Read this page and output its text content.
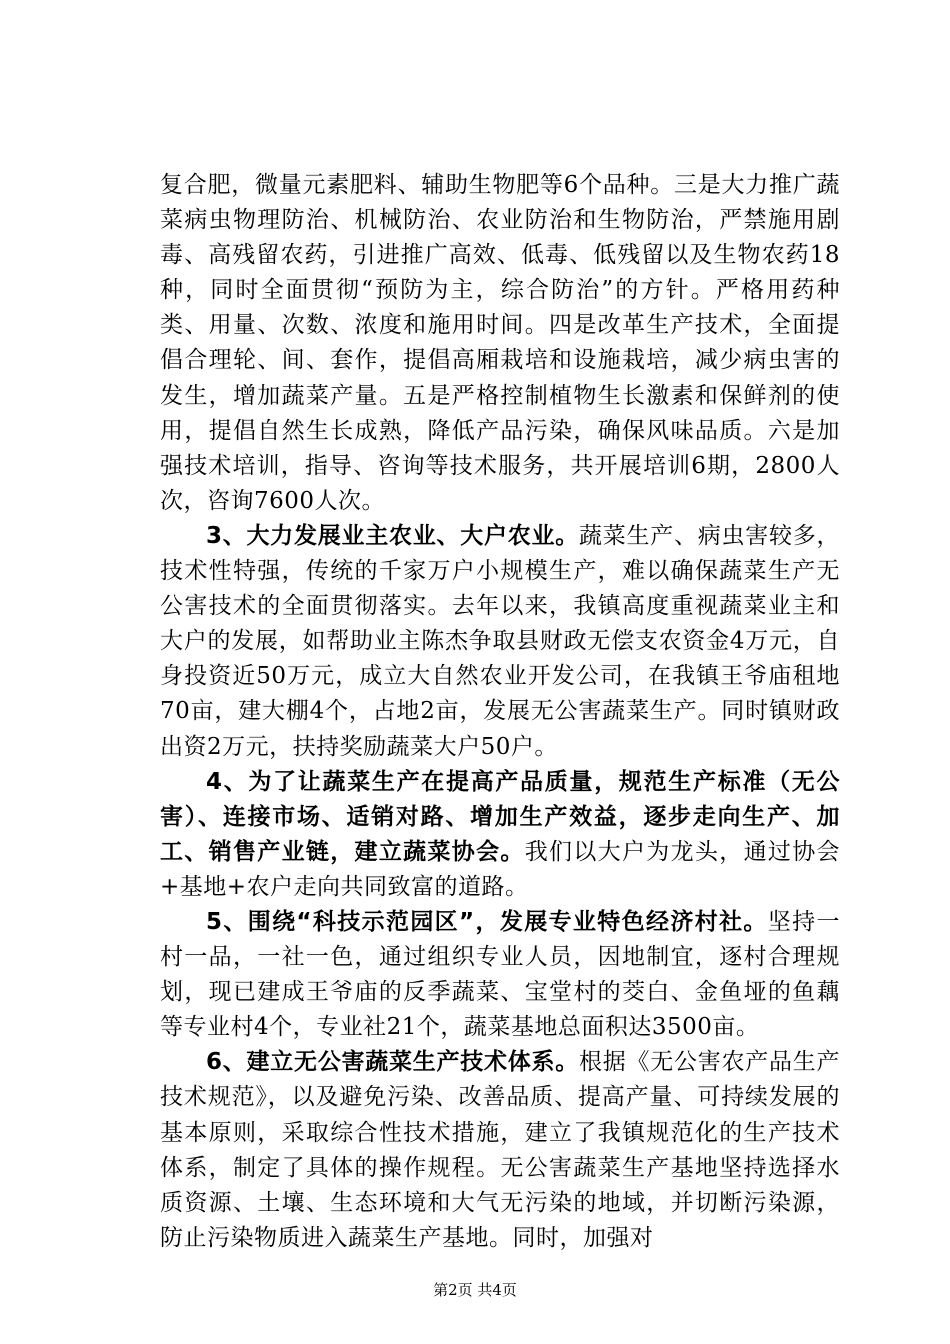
复合肥，微量元素肥料、辅助生物肥等6个品种。三是大力推广蔬菜病虫物理防治、机械防治、农业防治和生物防治，严禁施用剧毒、高残留农药，引进推广高效、低毒、低残留以及生物农药18种，同时全面贯彻“预防为主，综合防治”的方针。严格用药种类、用量、次数、浓度和施用时间。四是改革生产技术，全面提倡合理轮、间、套作，提倡高厢栽培和设施栽培，减少病虫害的发生，增加蔬菜产量。五是严格控制植物生长激素和保鲜剂的使用，提倡自然生长成熟，降低产品污染，确保风味品质。六是加强技术培训，指导、咨询等技术服务，共开展培训6期，2800人次，咨询7600人次。

3、大力发展业主农业、大户农业。蔬菜生产、病虫害较多，技术性特强，传统的千家万户小规模生产，难以确保蔬菜生产无公害技术的全面贯彻落实。去年以来，我镇高度重视蔬菜业主和大户的发展，如帮助业主陈杰争取县财政无偿支农资金4万元，自身投资近50万元，成立大自然农业开发公司，在我镇王爷庙租地70亩，建大棚4个，占地2亩，发展无公害蔬菜生产。同时镇财政出资2万元，扶持奖励蔬菜大户50户。

4、为了让蔬菜生产在提高产品质量，规范生产标准（无公害）、连接市场、适销对路、增加生产效益，逐步走向生产、加工、销售产业链，建立蔬菜协会。我们以大户为龙头，通过协会+基地+农户走向共同致富的道路。

5、围绕“科技示范园区”，发展专业特色经济村社。坚持一村一品，一社一色，通过组织专业人员，因地制宜，逐村合理规划，现已建成王爷庙的反季蔬菜、宝堂村的茭白、金鱼垭的鱼藕等专业村4个，专业社21个，蔬菜基地总面积达3500亩。

6、建立无公害蔬菜生产技术体系。根据《无公害农产品生产技术规范》，以及避免污染、改善品质、提高产量、可持续发展的基本原则，采取综合性技术措施，建立了我镇规范化的生产技术体系，制定了具体的操作规程。无公害蔬菜生产基地坚持选择水质资源、土壤、生态环境和大气无污染的地域，并切断污染源，防止污染物质进入蔬菜生产基地。同时，加强对

第2页 共4页
